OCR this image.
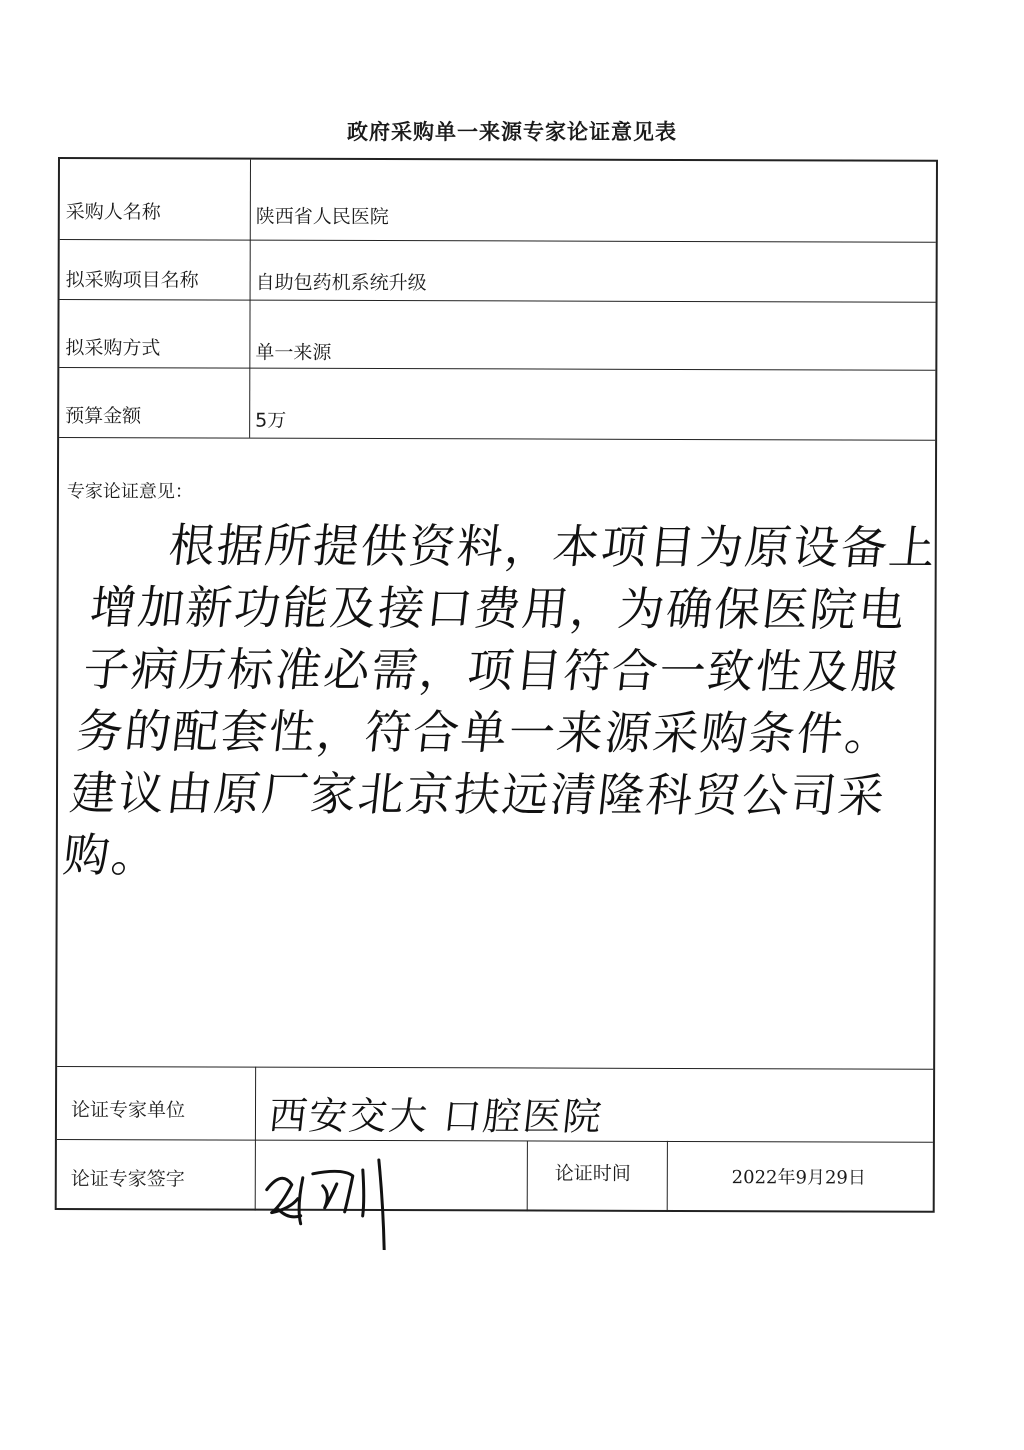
政府采购单一来源专家论证意见表
采购人名称	陕西省人民医院
拟采购项目名称	自助包药机系统升级
拟采购方式	单一来源
预算金额	5万
专家论证意见：
根据所提供资料，本项目为原设备上增加新功能及接口费用，为确保医院电子病历标准必需，项目符合一致性及服务的配套性，符合单一来源采购条件。建议由原厂家北京扶远清隆科贸公司采购。
论证专家单位 西安交大 口腔医院
论证专家签字	论证时间	2022年9月29日
